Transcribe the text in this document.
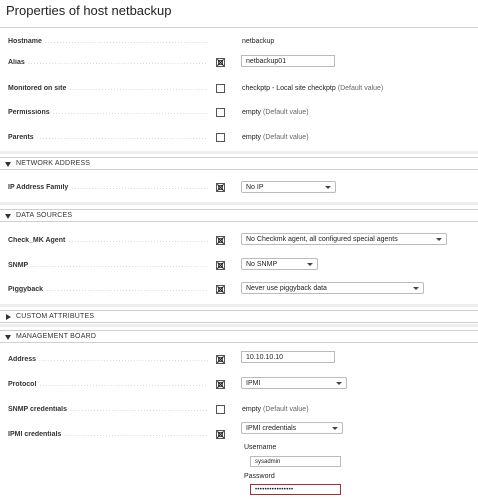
Properties of host netbackup
Hostname .....	netbackup
Alias .....	netbackup01
Monitored on site .....	checkptp - Local site checkptp (Default value)
Permissions .....	empty (Default value)
Parents .....	empty (Default value)
NETWORK ADDRESS
IP Address Family .....	No IP
DATA SOURCES
Check_MK Agent .....	No Checkmk agent, all configured special agents
SNMP .....	No SNMP
Piggyback .....	Never use piggyback data
CUSTOM ATTRIBUTES
MANAGEMENT BOARD
Address .....	10.10.10.10
Protocol .....	IPMI
SNMP credentials .....	empty (Default value)
IPMI credentials .....
IPMI credentials
Username
sysadmin
Password
••••••••••••••••
